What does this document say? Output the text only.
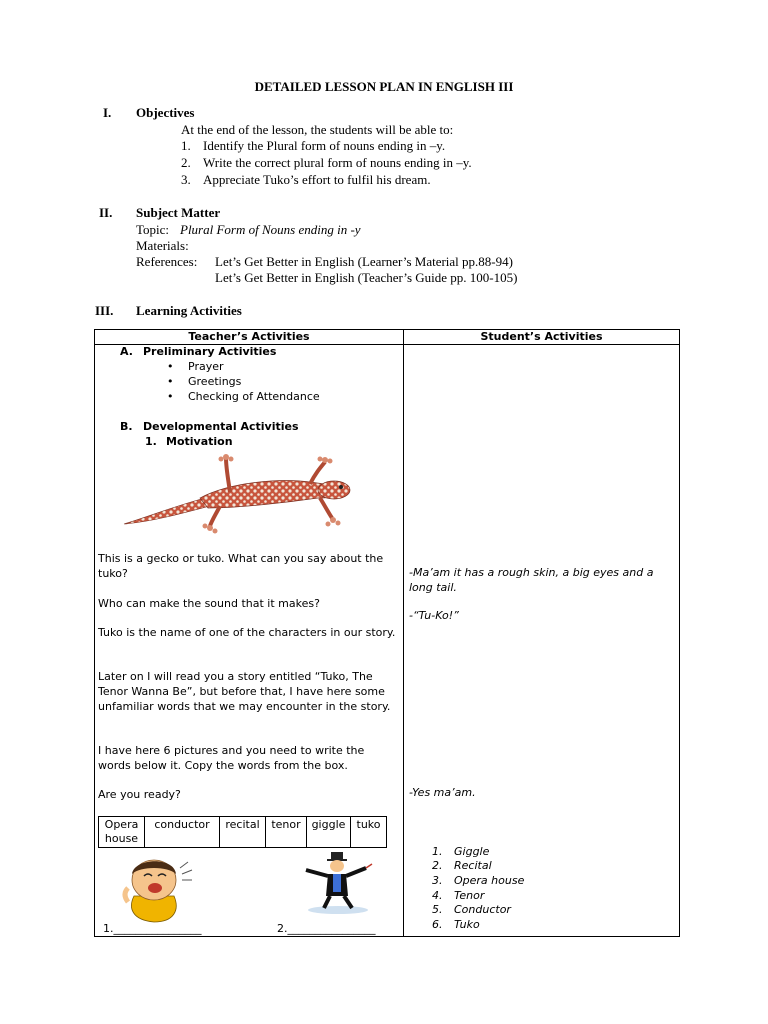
DETAILED LESSON PLAN IN ENGLISH III
I. Objectives
At the end of the lesson, the students will be able to:
1. Identify the Plural form of nouns ending in –y.
2. Write the correct plural form of nouns ending in –y.
3. Appreciate Tuko’s effort to fulfil his dream.
II. Subject Matter
Topic: Plural Form of Nouns ending in -y
Materials:
References: Let’s Get Better in English (Learner’s Material pp.88-94)
Let’s Get Better in English (Teacher’s Guide pp. 100-105)
III. Learning Activities
Teacher’s Activities	Student’s Activities

A. Preliminary Activities
• Prayer
• Greetings
• Checking of Attendance
B. Developmental Activities
1. Motivation
This is a gecko or tuko. What can you say about the tuko?
Who can make the sound that it makes?
Tuko is the name of one of the characters in our story.
Later on I will read you a story entitled “Tuko, The Tenor Wanna Be”, but before that, I have here some unfamiliar words that we may encounter in the story.
I have here 6 pictures and you need to write the words below it. Copy the words from the box.
Are you ready?
Opera house	conductor	recital	tenor	giggle	tuko
1.________________	2.________________
-Ma’am it has a rough skin, a big eyes and a long tail.
-“Tu-Ko!”
-Yes ma’am.
1. Giggle
2. Recital
3. Opera house
4. Tenor
5. Conductor
6. Tuko
